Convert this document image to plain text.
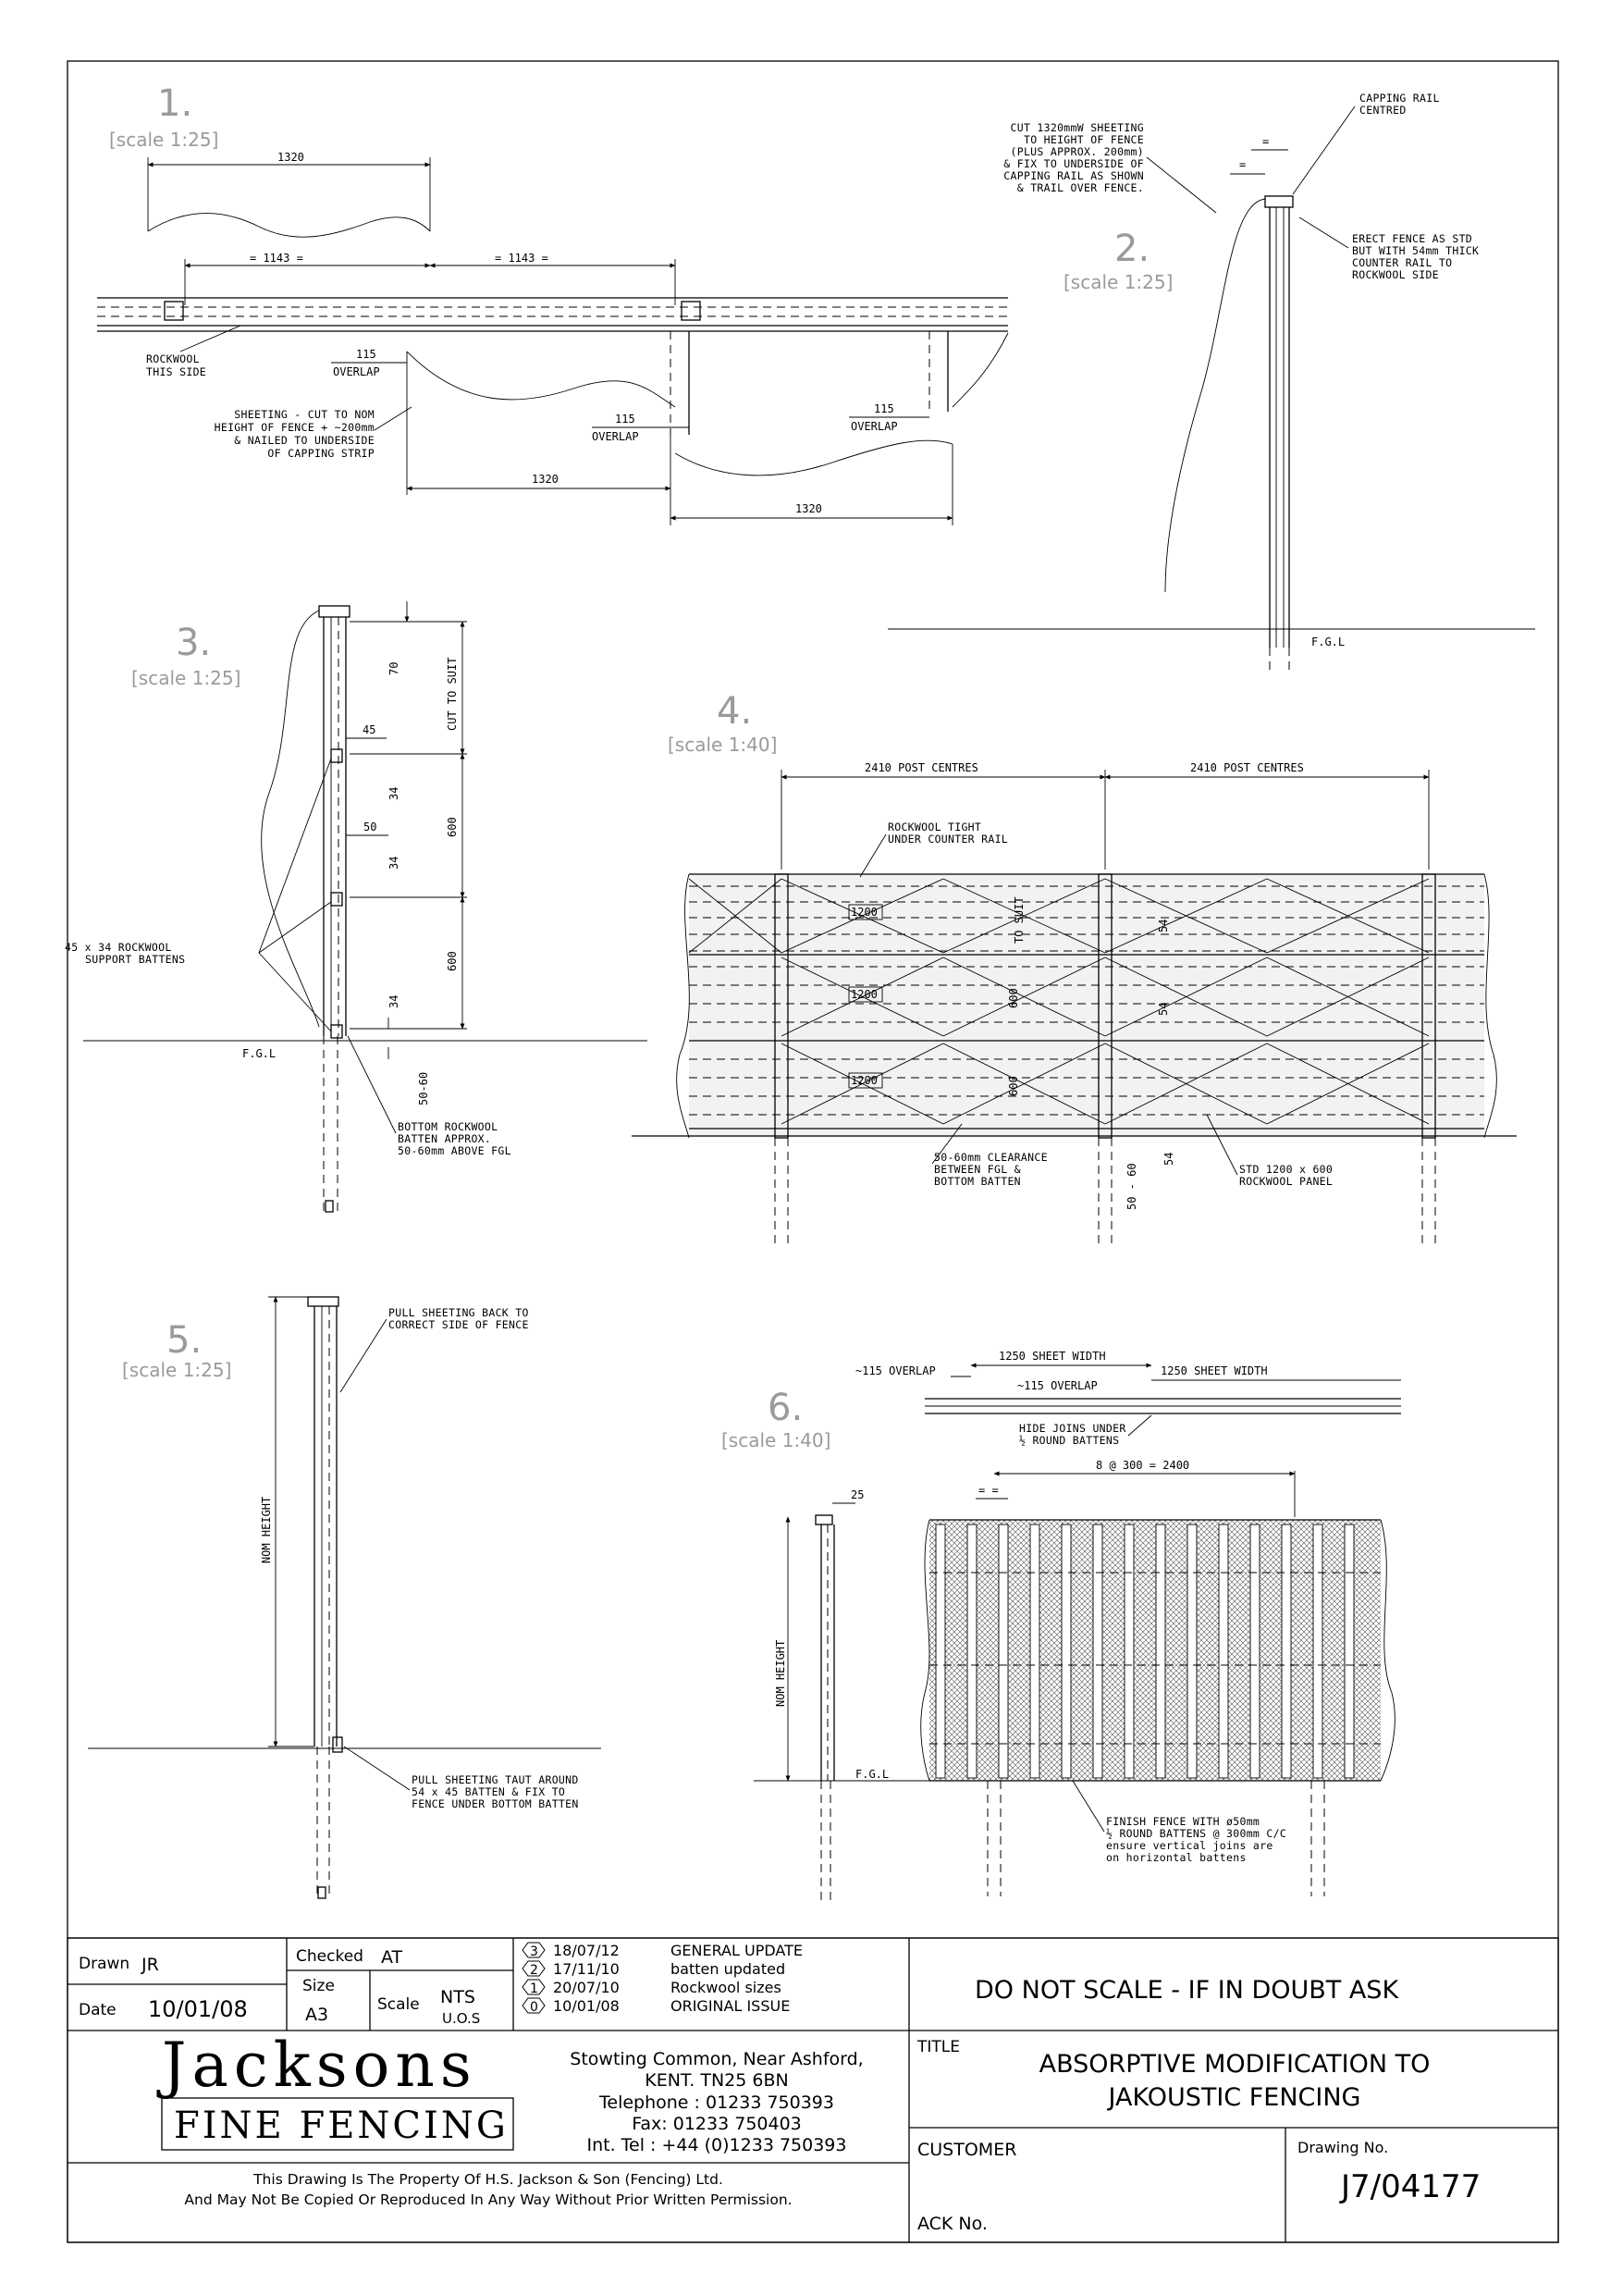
1.
[scale 1:25]
1320
= 1143 =	= 1143 =
1320
1320
115
OVERLAP
115
OVERLAP
115
OVERLAP
ROCKWOOL
THIS SIDE
SHEETING - CUT TO NOM
HEIGHT OF FENCE + ~200mm
& NAILED TO UNDERSIDE
OF CAPPING STRIP
2.
[scale 1:25]
CUT 1320mmW SHEETING
TO HEIGHT OF FENCE
(PLUS APPROX. 200mm)
& FIX TO UNDERSIDE OF
CAPPING RAIL AS SHOWN
& TRAIL OVER FENCE.
CAPPING RAIL
CENTRED
ERECT FENCE AS STD
BUT WITH 54mm THICK
COUNTER RAIL TO
ROCKWOOL SIDE
=
=
F.G.L
3.
[scale 1:25]	70	CUT TO SUIT
45
34
600
50
34
600
34
50-60
F.G.L
45 x 34 ROCKWOOL
SUPPORT BATTENS
BOTTOM ROCKWOOL
BATTEN APPROX.
50-60mm ABOVE FGL
4.
[scale 1:40]
2410 POST CENTRES	2410 POST CENTRES
1200
1200
1200
TO SUIT
600
600
54
54
54
50 - 60
ROCKWOOL TIGHT
UNDER COUNTER RAIL
50-60mm CLEARANCE
BETWEEN FGL &
BOTTOM BATTEN
STD 1200 x 600
ROCKWOOL PANEL
5.
[scale 1:25]
NOM HEIGHT
PULL SHEETING BACK TO
CORRECT SIDE OF FENCE
PULL SHEETING TAUT AROUND
54 x 45 BATTEN & FIX TO
FENCE UNDER BOTTOM BATTEN
6.
[scale 1:40]
1250 SHEET WIDTH
1250 SHEET WIDTH
~115 OVERLAP
~115 OVERLAP
HIDE JOINS UNDER
½ ROUND BATTENS
8 @ 300 = 2400
= =
25
NOM HEIGHT
F.G.L
FINISH FENCE WITH ø50mm
½ ROUND BATTENS @ 300mm C/C
ensure vertical joins are
on horizontal battens
Drawn JR	Checked AT
Date 10/01/08
Size
A3	Scale NTS
U.O.S
3 18/07/12	GENERAL UPDATE
2 17/11/10	batten updated
1 20/07/10	Rockwool sizes
0 10/01/08	ORIGINAL ISSUE
DO NOT SCALE - IF IN DOUBT ASK
Jacksons
FINE FENCING
Stowting Common, Near Ashford,
KENT. TN25 6BN
Telephone : 01233 750393
Fax: 01233 750403
Int. Tel : +44 (0)1233 750393
This Drawing Is The Property Of H.S. Jackson & Son (Fencing) Ltd.
And May Not Be Copied Or Reproduced In Any Way Without Prior Written Permission.
TITLE
ABSORPTIVE MODIFICATION TO
JAKOUSTIC FENCING
CUSTOMER	Drawing No.
J7/04177
ACK No.
